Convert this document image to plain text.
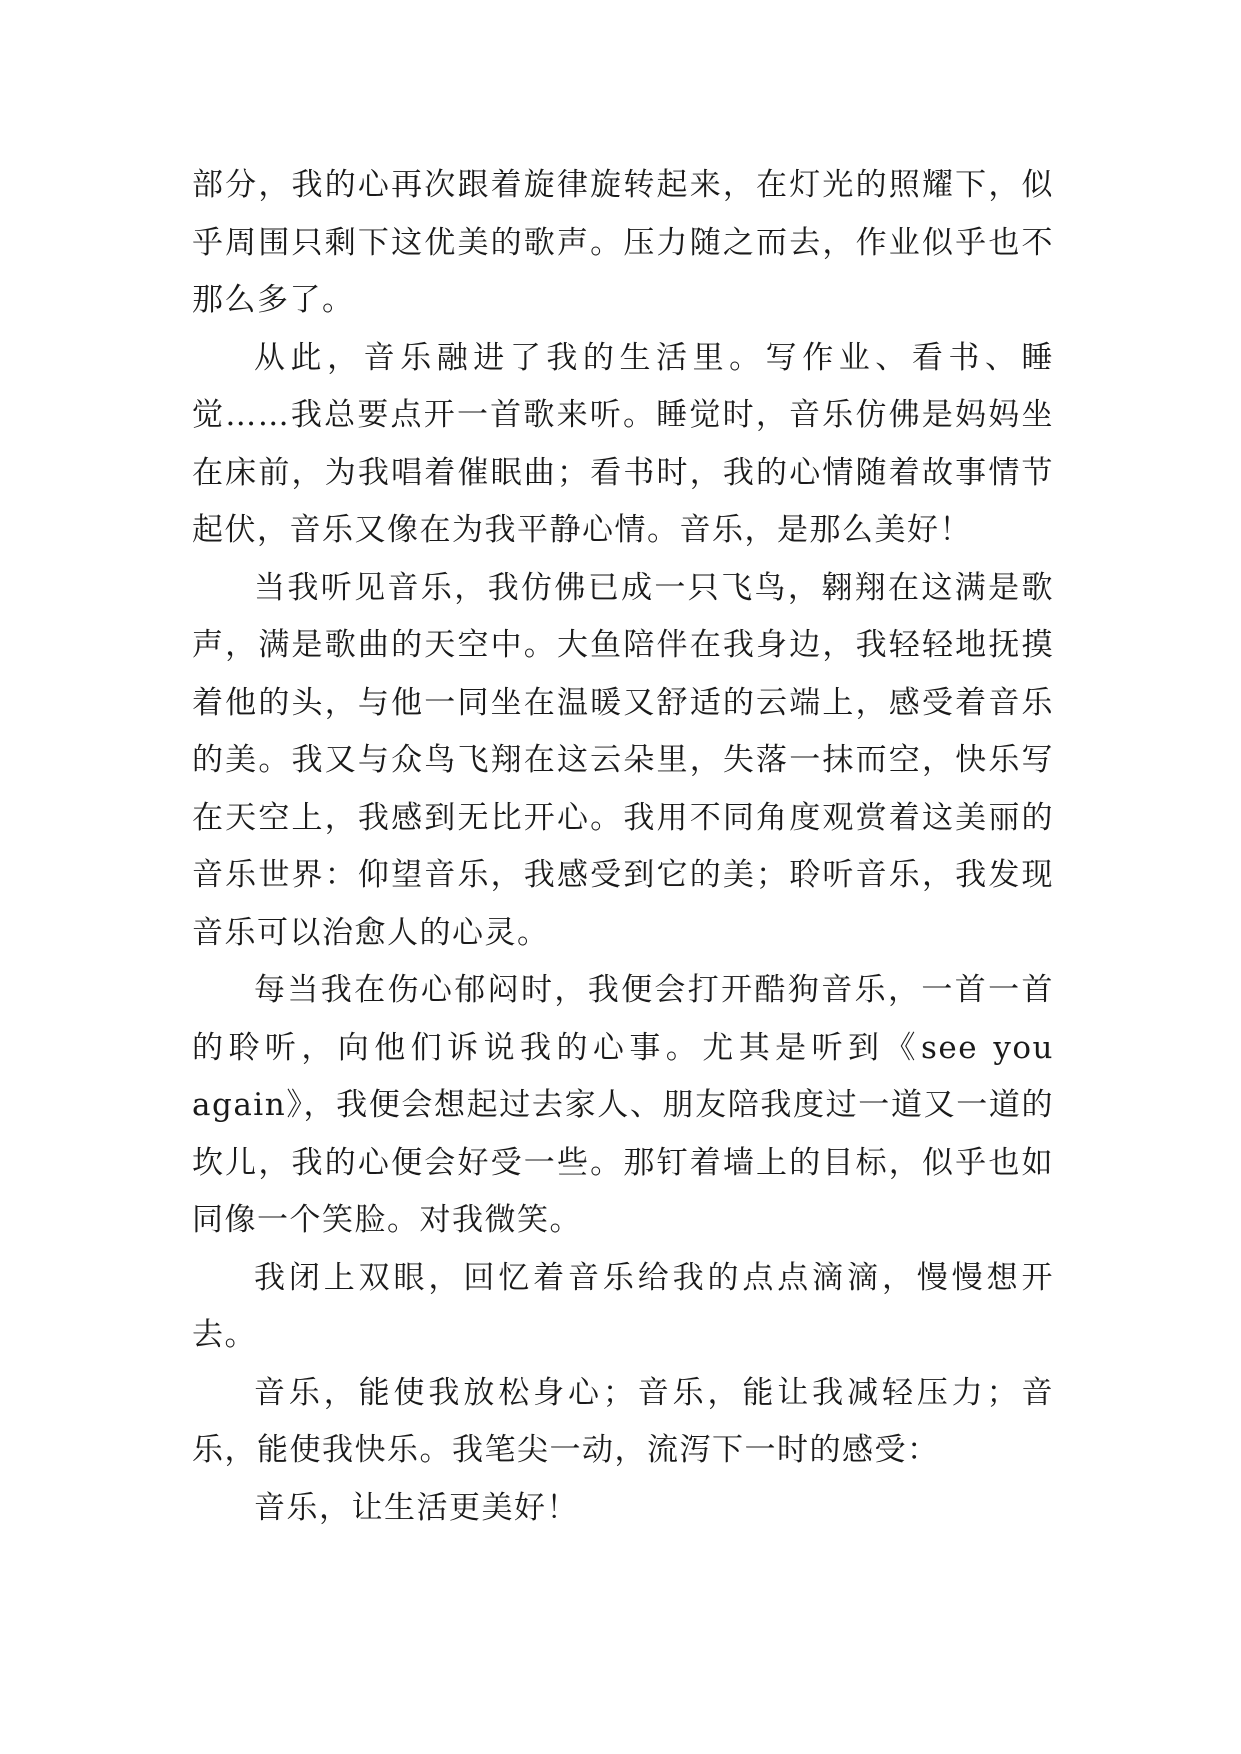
部分，我的心再次跟着旋律旋转起来，在灯光的照耀下，似乎周围只剩下这优美的歌声。压力随之而去，作业似乎也不那么多了。

从此，音乐融进了我的生活里。写作业、看书、睡觉……我总要点开一首歌来听。睡觉时，音乐仿佛是妈妈坐在床前，为我唱着催眠曲；看书时，我的心情随着故事情节起伏，音乐又像在为我平静心情。音乐，是那么美好！

当我听见音乐，我仿佛已成一只飞鸟，翱翔在这满是歌声，满是歌曲的天空中。大鱼陪伴在我身边，我轻轻地抚摸着他的头，与他一同坐在温暖又舒适的云端上，感受着音乐的美。我又与众鸟飞翔在这云朵里，失落一抹而空，快乐写在天空上，我感到无比开心。我用不同角度观赏着这美丽的音乐世界：仰望音乐，我感受到它的美；聆听音乐，我发现音乐可以治愈人的心灵。

每当我在伤心郁闷时，我便会打开酷狗音乐，一首一首的聆听，向他们诉说我的心事。尤其是听到《see you again》，我便会想起过去家人、朋友陪我度过一道又一道的坎儿，我的心便会好受一些。那钉着墙上的目标，似乎也如同像一个笑脸。对我微笑。

我闭上双眼，回忆着音乐给我的点点滴滴，慢慢想开去。

音乐，能使我放松身心；音乐，能让我减轻压力；音乐，能使我快乐。我笔尖一动，流泻下一时的感受：

音乐，让生活更美好！
